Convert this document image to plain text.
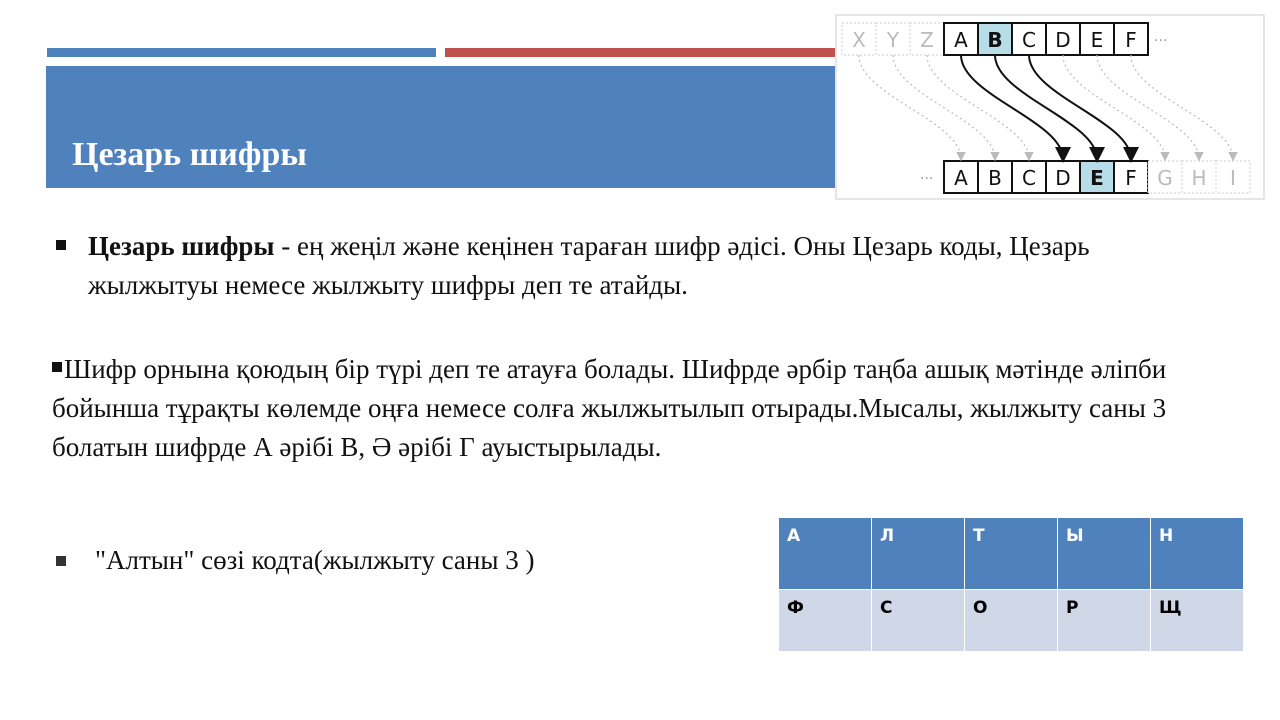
Цезарь шифры
X Y Z A B C D E F ···
A B C D E F G H I
···
Цезарь шифры - ең жеңіл және кеңінен тараған шифр әдісі. Оны Цезарь коды, Цезарь жылжытуы немесе жылжыту шифры деп те атайды.
Шифр орнына қоюдың бір түрі деп те атауға болады. Шифрде әрбір таңба ашық мәтінде әліпби бойынша тұрақты көлемде оңға немесе солға жылжытылып отырады.Мысалы, жылжыту саны 3 болатын шифрде А әрібі В, Ә әрібі Г ауыстырылады.
"Алтын" сөзі кодта(жылжыту саны 3 )
А	Л	Т	Ы	Н
Ф	С	О	Р	Щ
